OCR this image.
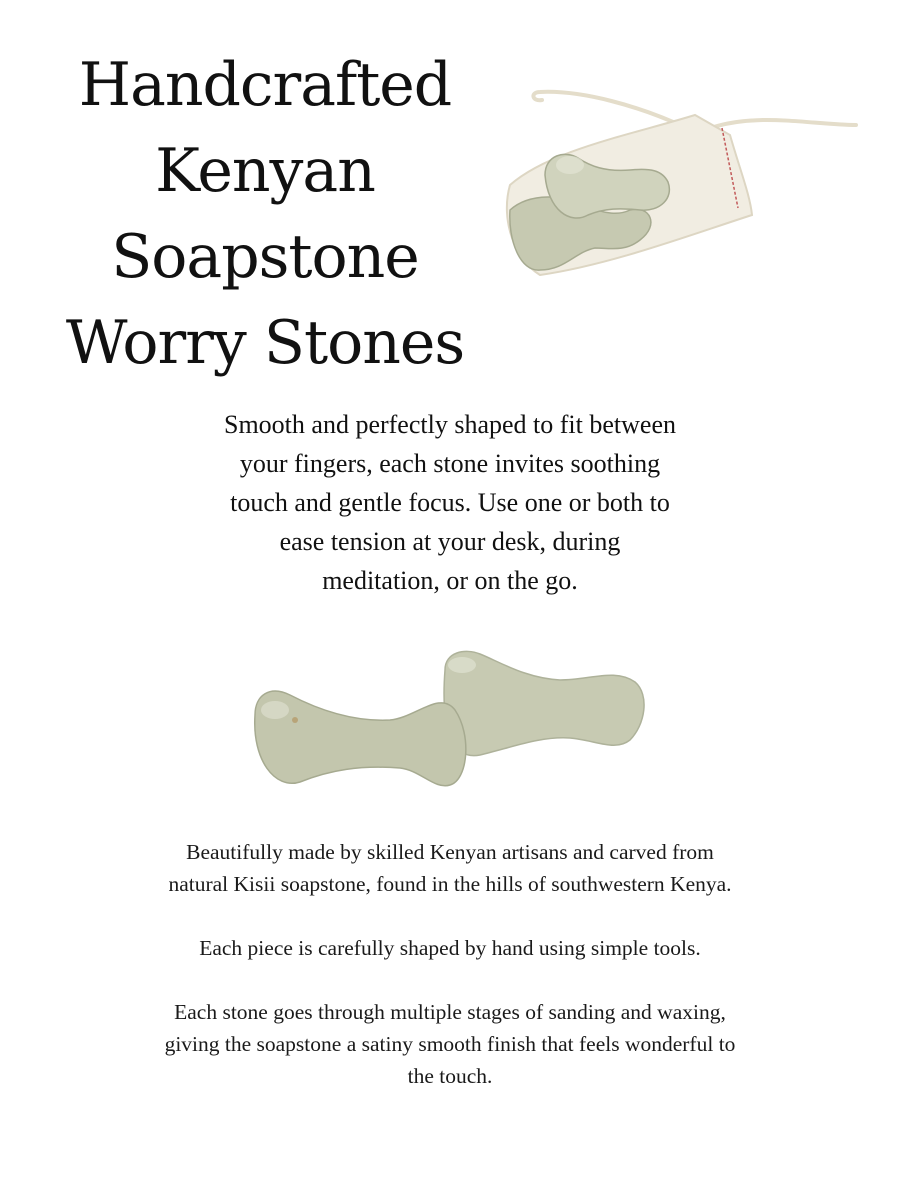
Handcrafted
Kenyan
Soapstone
Worry Stones
Smooth and perfectly shaped to fit between
your fingers, each stone invites soothing
touch and gentle focus. Use one or both to
ease tension at your desk, during
meditation, or on the go.

Beautifully made by skilled Kenyan artisans and carved from
natural Kisii soapstone, found in the hills of southwestern Kenya.

Each piece is carefully shaped by hand using simple tools.

Each stone goes through multiple stages of sanding and waxing,
giving the soapstone a satiny smooth finish that feels wonderful to
the touch.
